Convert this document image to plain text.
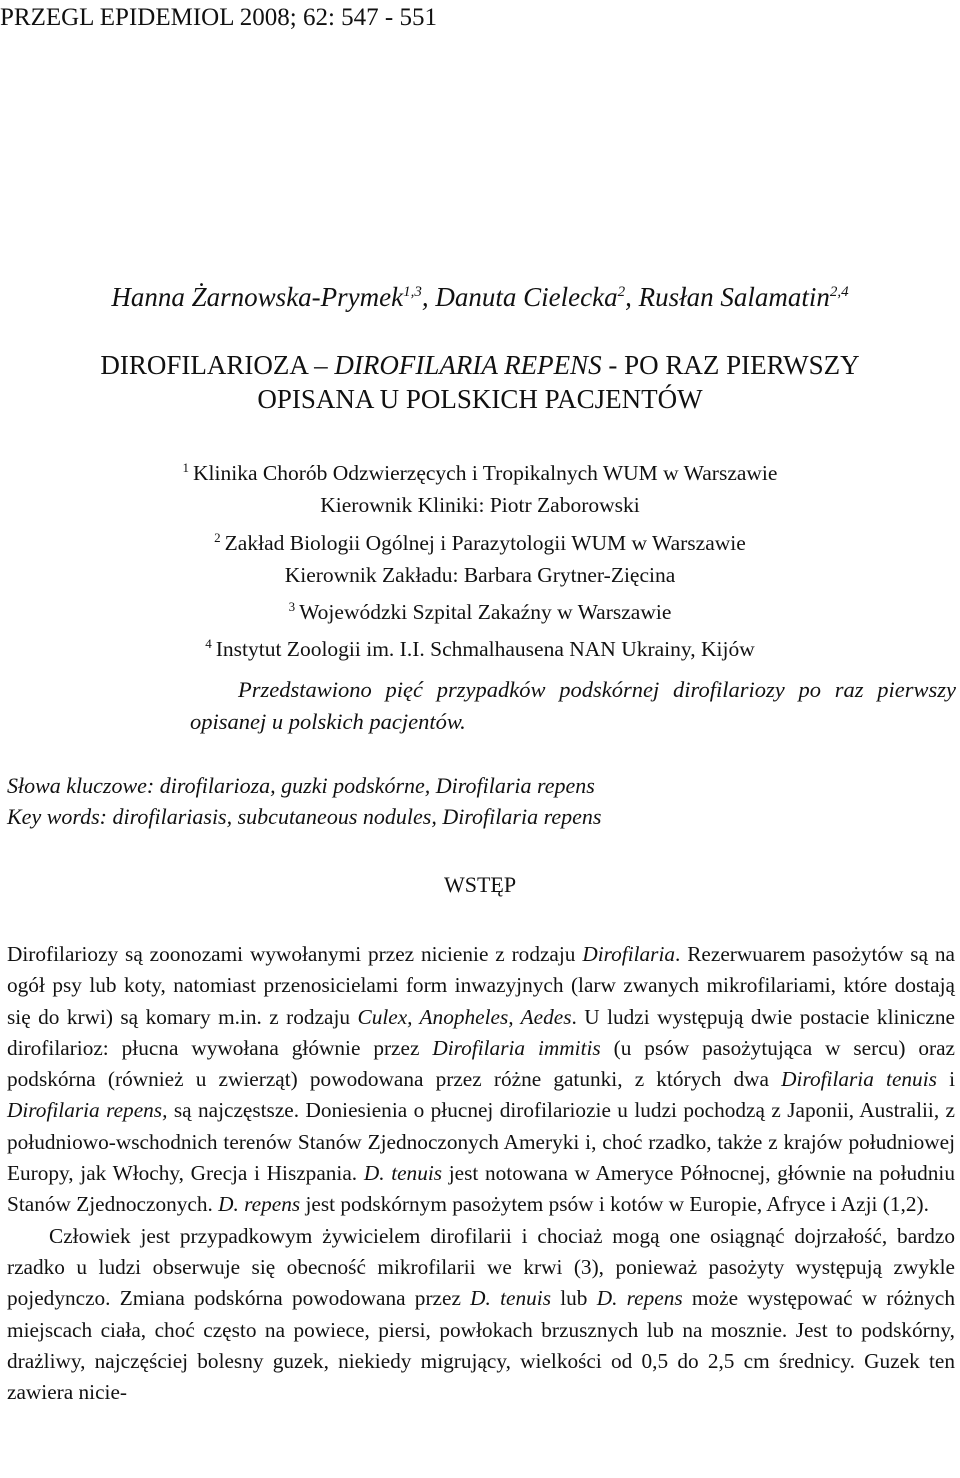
PRZEGL EPIDEMIOL 2008; 62: 547 - 551
Hanna Żarnowska-Prymek$^{1,3}$, Danuta Cielecka$^2$, Rusłan Salamatin$^{2,4}$
DIROFILARIOZA – DIROFILARIA REPENS - PO RAZ PIERWSZY
OPISANA U POLSKICH PACJENTÓW
$^1$ Klinika Chorób Odzwierzęcych i Tropikalnych WUM w Warszawie
Kierownik Kliniki: Piotr Zaborowski
$^2$ Zakład Biologii Ogólnej i Parazytologii WUM w Warszawie
Kierownik Zakładu: Barbara Grytner-Zięcina
$^3$ Wojewódzki Szpital Zakaźny w Warszawie
$^4$ Instytut Zoologii im. I.I. Schmalhausena NAN Ukrainy, Kijów
Przedstawiono pięć przypadków podskórnej dirofilariozy po raz pierwszy opisanej u polskich pacjentów.
Słowa kluczowe: dirofilarioza, guzki podskórne, Dirofilaria repens
Key words: dirofilariasis, subcutaneous nodules, Dirofilaria repens
WSTĘP

Dirofilariozy są zoonozami wywołanymi przez nicienie z rodzaju Dirofilaria. Rezerwuarem pasożytów są na ogół psy lub koty, natomiast przenosicielami form inwazyjnych (larw zwanych mikrofilariami, które dostają się do krwi) są komary m.in. z rodzaju Culex, Anopheles, Aedes. U ludzi występują dwie postacie kliniczne dirofilarioz: płucna wywołana głównie przez Dirofilaria immitis (u psów pasożytująca w sercu) oraz podskórna (również u zwierząt) powodowana przez różne gatunki, z których dwa Dirofilaria tenuis i Dirofilaria repens, są najczęstsze. Doniesienia o płucnej dirofilariozie u ludzi pochodzą z Japonii, Australii, z południowo-wschodnich terenów Stanów Zjednoczonych Ameryki i, choć rzadko, także z krajów południowej Europy, jak Włochy, Grecja i Hiszpania. D. tenuis jest notowana w Ameryce Północnej, głównie na południu Stanów Zjednoczonych. D. repens jest podskórnym pasożytem psów i kotów w Europie, Afryce i Azji (1,2).

Człowiek jest przypadkowym żywicielem dirofilarii i chociaż mogą one osiągnąć dojrzałość, bardzo rzadko u ludzi obserwuje się obecność mikrofilarii we krwi (3), ponieważ pasożyty występują zwykle pojedynczo. Zmiana podskórna powodowana przez D. tenuis lub D. repens może występować w różnych miejscach ciała, choć często na powiece, piersi, powłokach brzusznych lub na mosznie. Jest to podskórny, drażliwy, najczęściej bolesny guzek, niekiedy migrujący, wielkości od 0,5 do 2,5 cm średnicy. Guzek ten zawiera nicie-
